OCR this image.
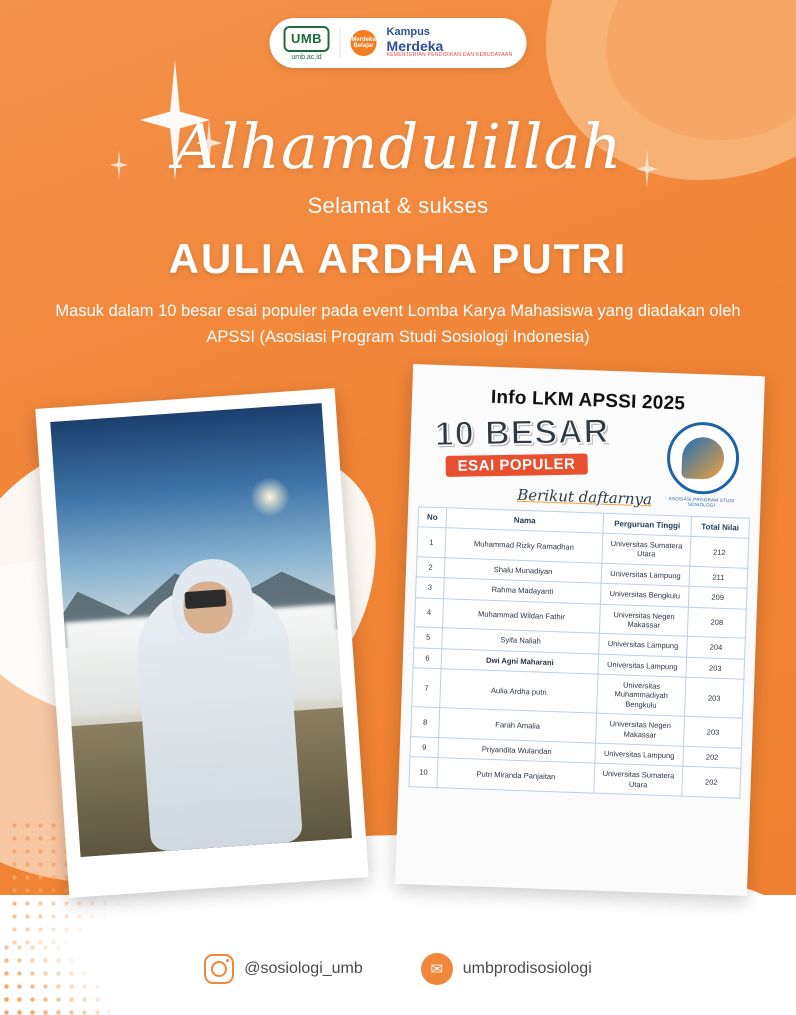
UMB
umb.ac.id
Merdeka Belajar
Kampus
Merdeka
KEMENTERIAN PENDIDIKAN DAN KEBUDAYAAN
Alhamdulillah
Selamat & sukses
AULIA ARDHA PUTRI
Masuk dalam 10 besar esai populer pada event Lomba Karya Mahasiswa yang diadakan oleh APSSI (Asosiasi Program Studi Sosiologi Indonesia)
Info LKM APSSI 2025
10 BESAR
ESAI POPULER
ASOSIASI PROGRAM STUDI SOSIOLOGI
Berikut daftarnya
No	Nama	Perguruan Tinggi	Total Nilai
1	Muhammad Rizky Ramadhan	Universitas Sumatera Utara	212
2	Shalu Munadiyan	Universitas Lampung	211
3	Rahma Madayanti	Universitas Bengkulu	209
4	Muhammad Wildan Fathir	Universitas Negeri Makassar	208
5	Syifa Naliah	Universitas Lampung	204
6	Dwi Agni Maharani	Universitas Lampung	203
7	Aulia Ardha putri	Universitas Muhammadiyah Bengkulu	203
8	Farah Amalia	Universitas Negeri Makassar	203
9	Priyandita Wulandari	Universitas Lampung	202
10	Putri Miranda Panjaitan	Universitas Sumatera Utara	202
@sosiologi_umb	✉ umbprodisosiologi
